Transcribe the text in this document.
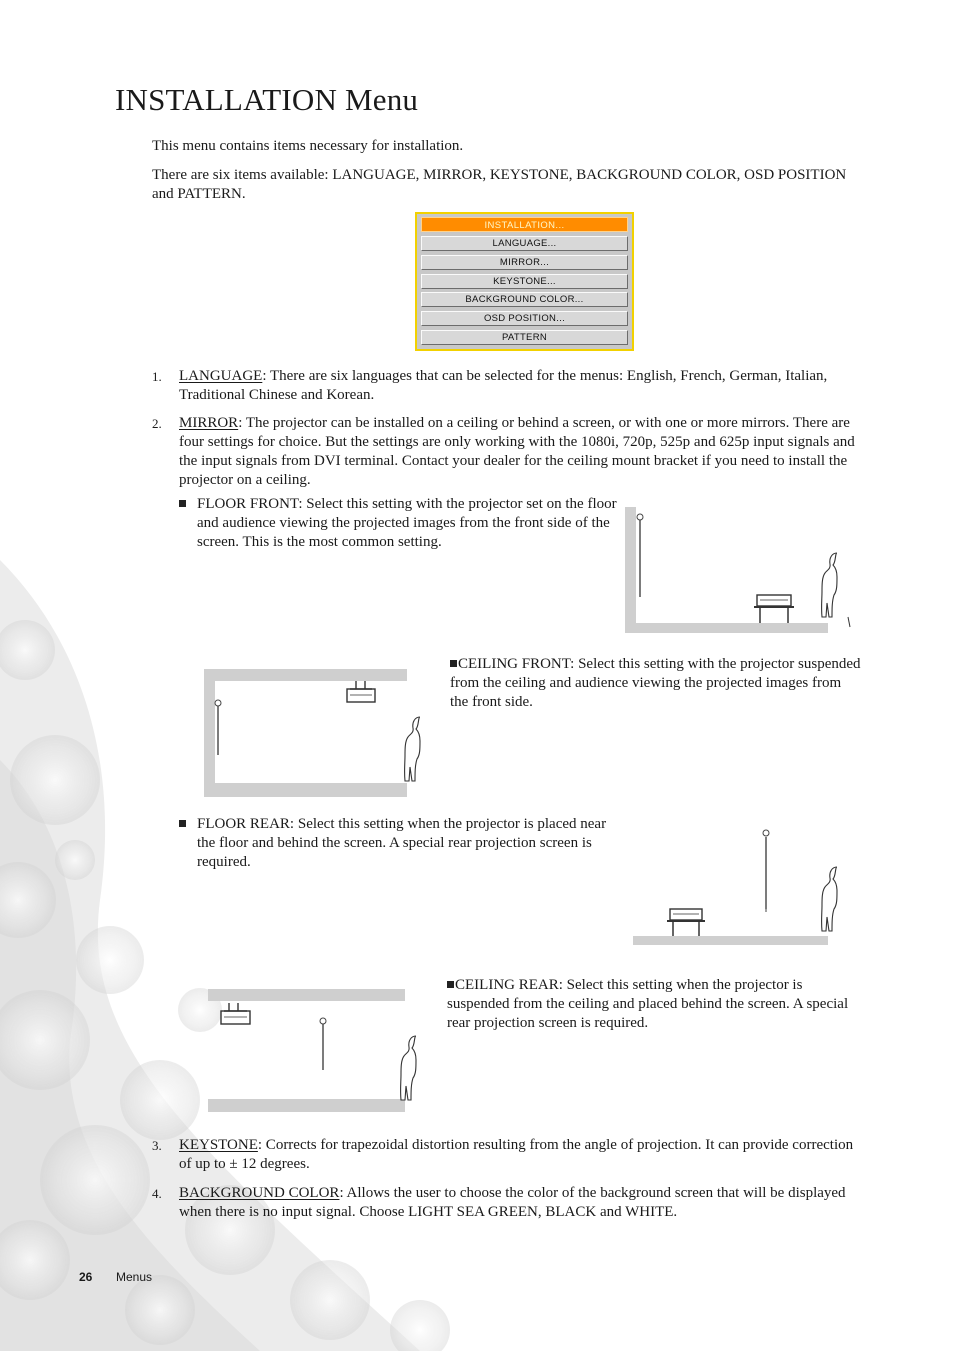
INSTALLATION Menu

This menu contains items necessary for installation.

There are six items available: LANGUAGE, MIRROR, KEYSTONE, BACKGROUND COLOR, OSD POSITION and PATTERN.

INSTALLATION...
LANGUAGE...
MIRROR...
KEYSTONE...
BACKGROUND COLOR...
OSD POSITION...
PATTERN
1. LANGUAGE: There are six languages that can be selected for the menus: English, French, German, Italian, Traditional Chinese and Korean.

2. MIRROR: The projector can be installed on a ceiling or behind a screen, or with one or more mirrors. There are four settings for choice. But the settings are only working with the 1080i, 720p, 525p and 625p input signals and the input signals from DVI terminal. Contact your dealer for the ceiling mount bracket if you need to install the projector on a ceiling.

FLOOR FRONT: Select this setting with the projector set on the floor and audience viewing the projected images from the front side of the screen. This is the most common setting.

CEILING FRONT: Select this setting with the projector suspended from the ceiling and audience viewing the projected images from the front side.

FLOOR REAR: Select this setting when the projector is placed near the floor and behind the screen. A special rear projection screen is required.

CEILING REAR: Select this setting when the projector is suspended from the ceiling and placed behind the screen. A special rear projection screen is required.

3. KEYSTONE: Corrects for trapezoidal distortion resulting from the angle of projection. It can provide correction of up to ± 12 degrees.

4. BACKGROUND COLOR: Allows the user to choose the color of the background screen that will be displayed when there is no input signal. Choose LIGHT SEA GREEN, BLACK and WHITE.

26 Menus
